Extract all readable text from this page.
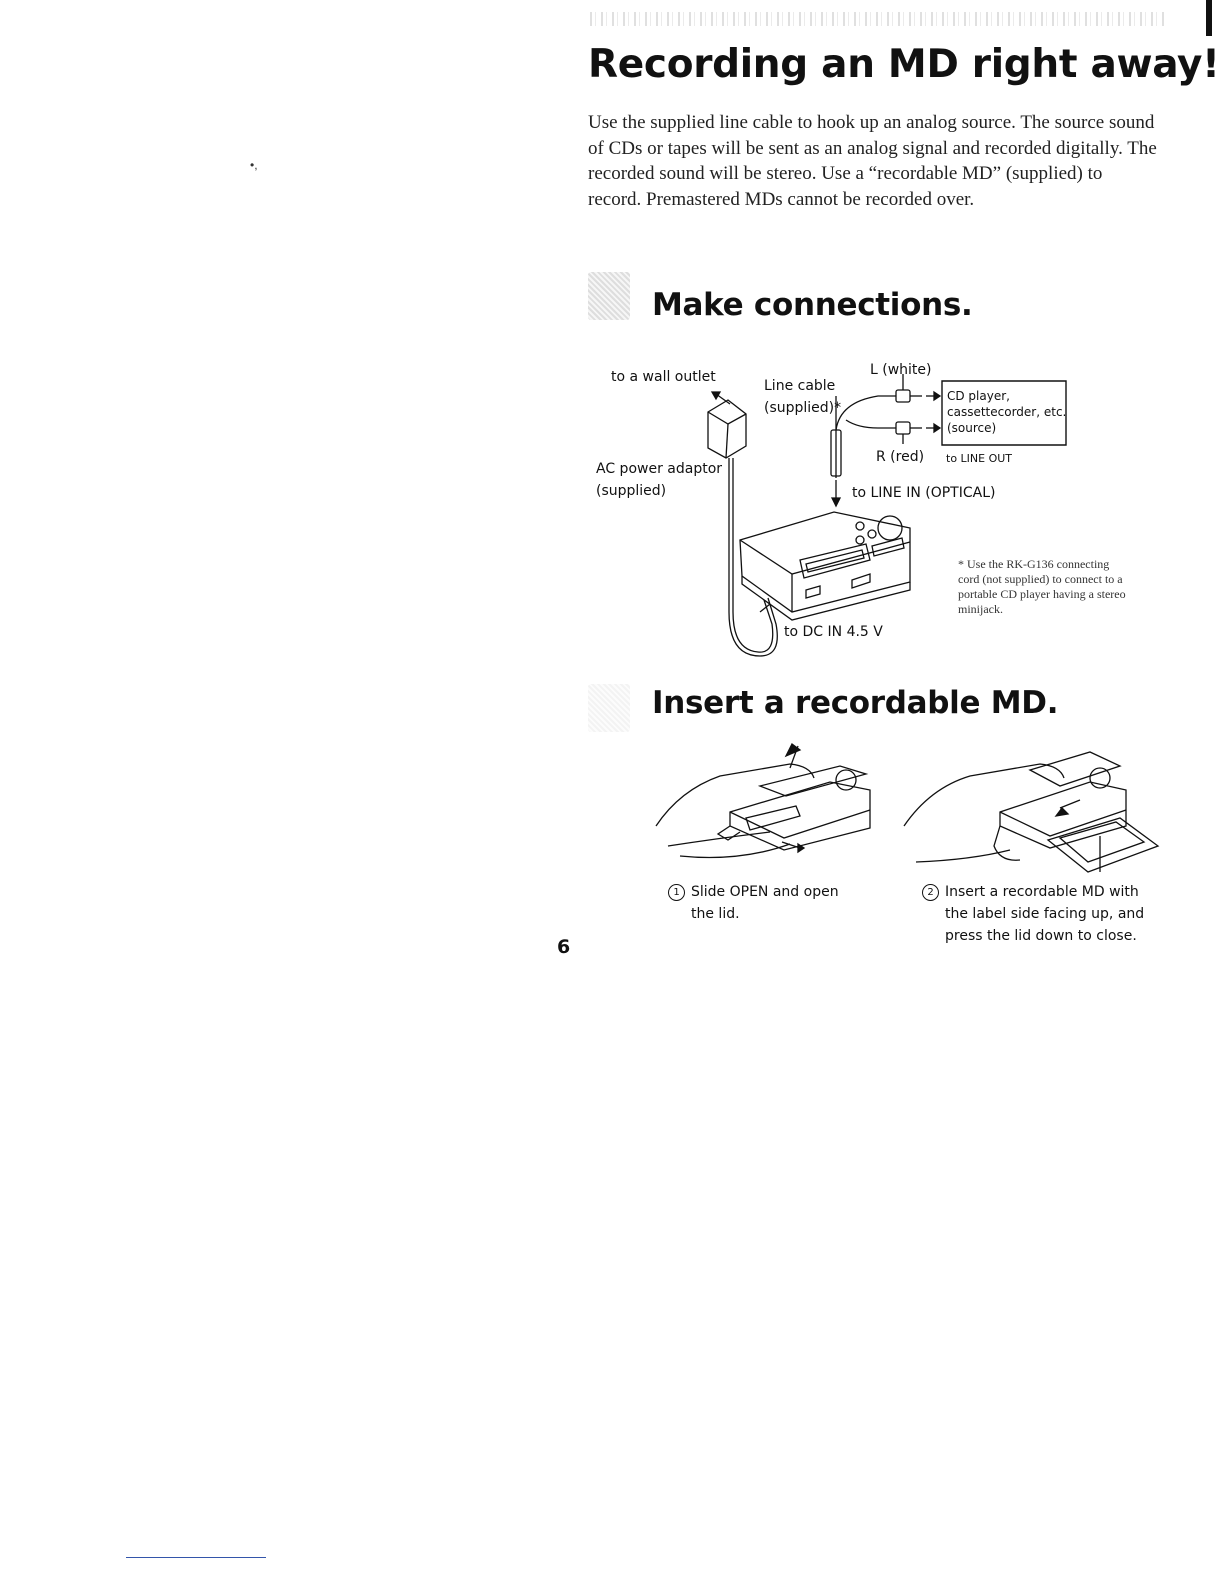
•,
Recording an MD right away!

Use the supplied line cable to hook up an analog source. The source sound of CDs or tapes will be sent as an analog signal and recorded digitally. The recorded sound will be stereo. Use a “recordable MD” (supplied) to record. Premastered MDs cannot be recorded over.

Make connections.
to a wall outlet
Line cable
(supplied)*
L (white)
CD player,
cassettecorder, etc.
(source)
R (red) to LINE OUT
to LINE IN (OPTICAL)
AC power adaptor
(supplied)
to DC IN 4.5 V
* Use the RK-G136 connecting cord (not supplied) to connect to a portable CD player having a stereo minijack.
Insert a recordable MD.
1 Slide OPEN and open the lid.
2 Insert a recordable MD with the label side facing up, and press the lid down to close.
6
